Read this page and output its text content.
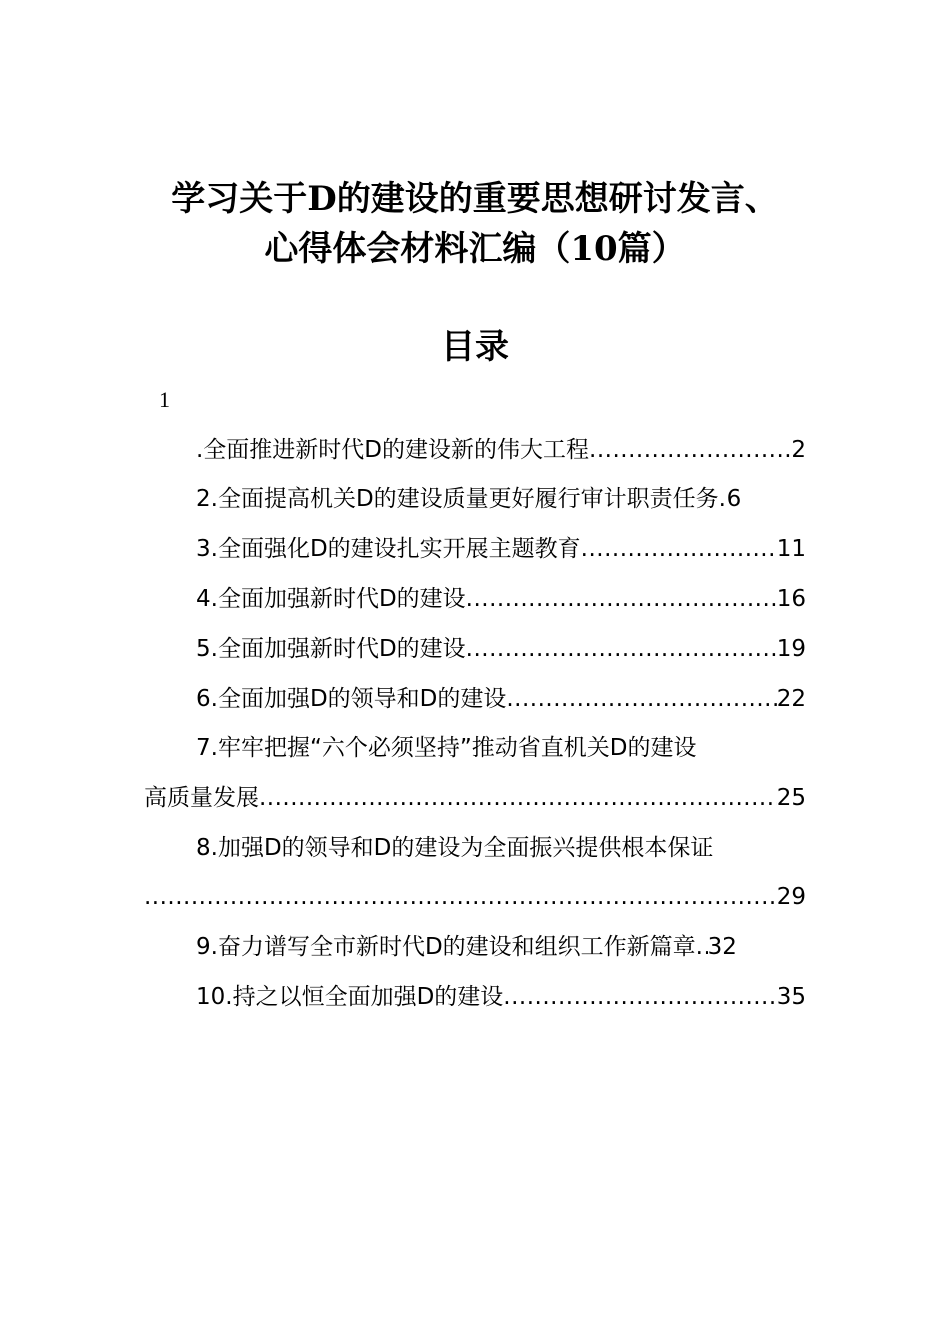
学习关于D的建设的重要思想研讨发言、
心得体会材料汇编（10篇）
目录
1
.全面推进新时代D的建设新的伟大工程 .....	2
2.全面提高机关D的建设质量更好履行审计职责任务 ..... 6
3.全面强化D的建设扎实开展主题教育 .....	11
4.全面加强新时代D的建设 .....	16
5.全面加强新时代D的建设 .....	19
6.全面加强D的领导和D的建设 .....	22
7.牢牢把握“六个必须坚持”推动省直机关D的建设
高质量发展 .....	25
8.加强D的领导和D的建设为全面振兴提供根本保证
.....
29
9.奋力谱写全市新时代D的建设和组织工作新篇章 ..... 32
10.持之以恒全面加强D的建设 .....	35
